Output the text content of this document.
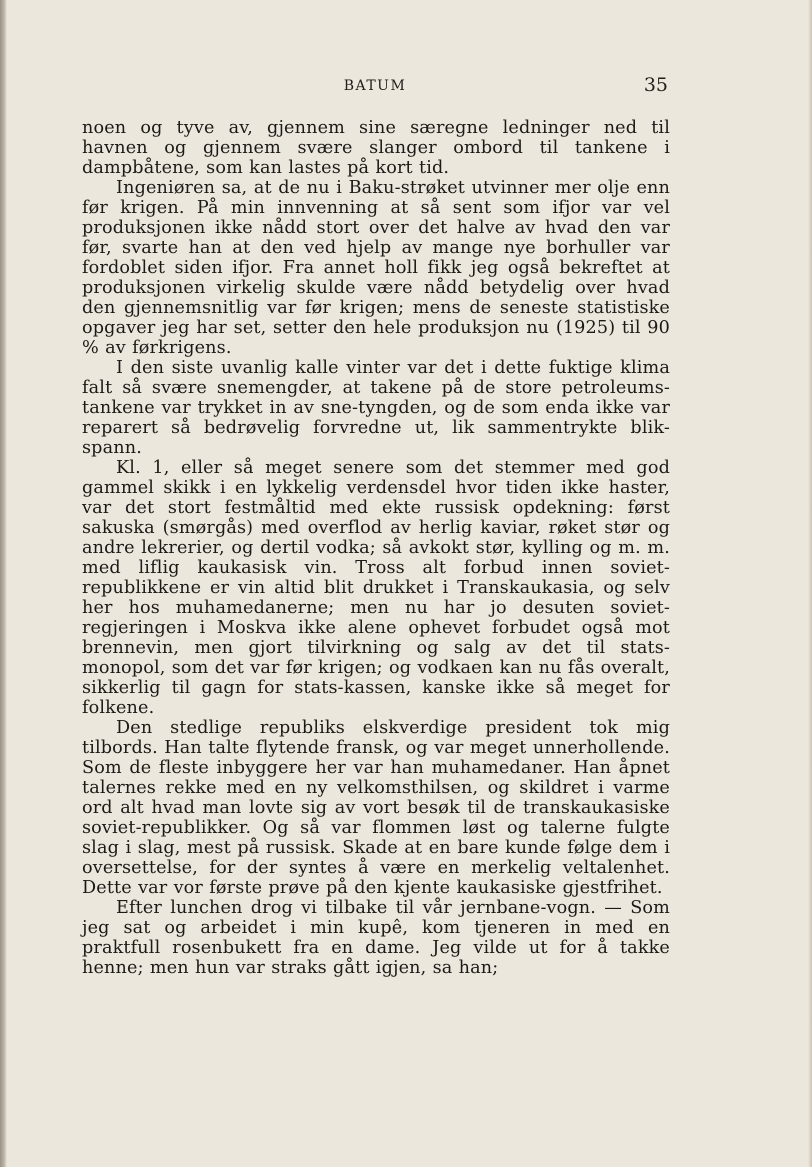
BATUM	35

noen og tyve av, gjennem sine særegne ledninger ned til havnen og gjennem svære slanger ombord til tankene i dampbåtene, som kan lastes på kort tid.

Ingeniøren sa, at de nu i Baku-strøket utvinner mer olje enn før krigen. På min innvenning at så sent som ifjor var vel produksjonen ikke nådd stort over det halve av hvad den var før, svarte han at den ved hjelp av mange nye borhuller var fordoblet siden ifjor. Fra annet holl fikk jeg også bekreftet at produksjonen virkelig skulde være nådd betydelig over hvad den gjennemsnitlig var før krigen; mens de seneste statistiske opgaver jeg har set, setter den hele produksjon nu (1925) til 90 % av førkrigens.

I den siste uvanlig kalle vinter var det i dette fuktige klima falt så svære snemengder, at takene på de store petroleums-tankene var trykket in av sne-tyngden, og de som enda ikke var reparert så bedrøvelig forvredne ut, lik sammentrykte blik-spann.

Kl. 1, eller så meget senere som det stemmer med god gammel skikk i en lykkelig verdensdel hvor tiden ikke haster, var det stort festmåltid med ekte russisk opdekning: først sakuska (smørgås) med overflod av herlig kaviar, røket stør og andre lekrerier, og dertil vodka; så avkokt stør, kylling og m. m. med liflig kaukasisk vin. Tross alt forbud innen soviet-republikkene er vin altid blit drukket i Transkaukasia, og selv her hos muhamedanerne; men nu har jo desuten soviet-regjeringen i Moskva ikke alene ophevet forbudet også mot brennevin, men gjort tilvirkning og salg av det til stats-monopol, som det var før krigen; og vodkaen kan nu fås overalt, sikkerlig til gagn for stats-kassen, kanske ikke så meget for folkene.

Den stedlige republiks elskverdige president tok mig tilbords. Han talte flytende fransk, og var meget unnerhollende. Som de fleste inbyggere her var han muhamedaner. Han åpnet talernes rekke med en ny velkomsthilsen, og skildret i varme ord alt hvad man lovte sig av vort besøk til de transkaukasiske soviet-republikker. Og så var flommen løst og talerne fulgte slag i slag, mest på russisk. Skade at en bare kunde følge dem i oversettelse, for der syntes å være en merkelig veltalenhet. Dette var vor første prøve på den kjente kaukasiske gjestfrihet.

Efter lunchen drog vi tilbake til vår jernbane-vogn. — Som jeg sat og arbeidet i min kupê, kom tjeneren in med en praktfull rosenbukett fra en dame. Jeg vilde ut for å takke henne; men hun var straks gått igjen, sa han;
